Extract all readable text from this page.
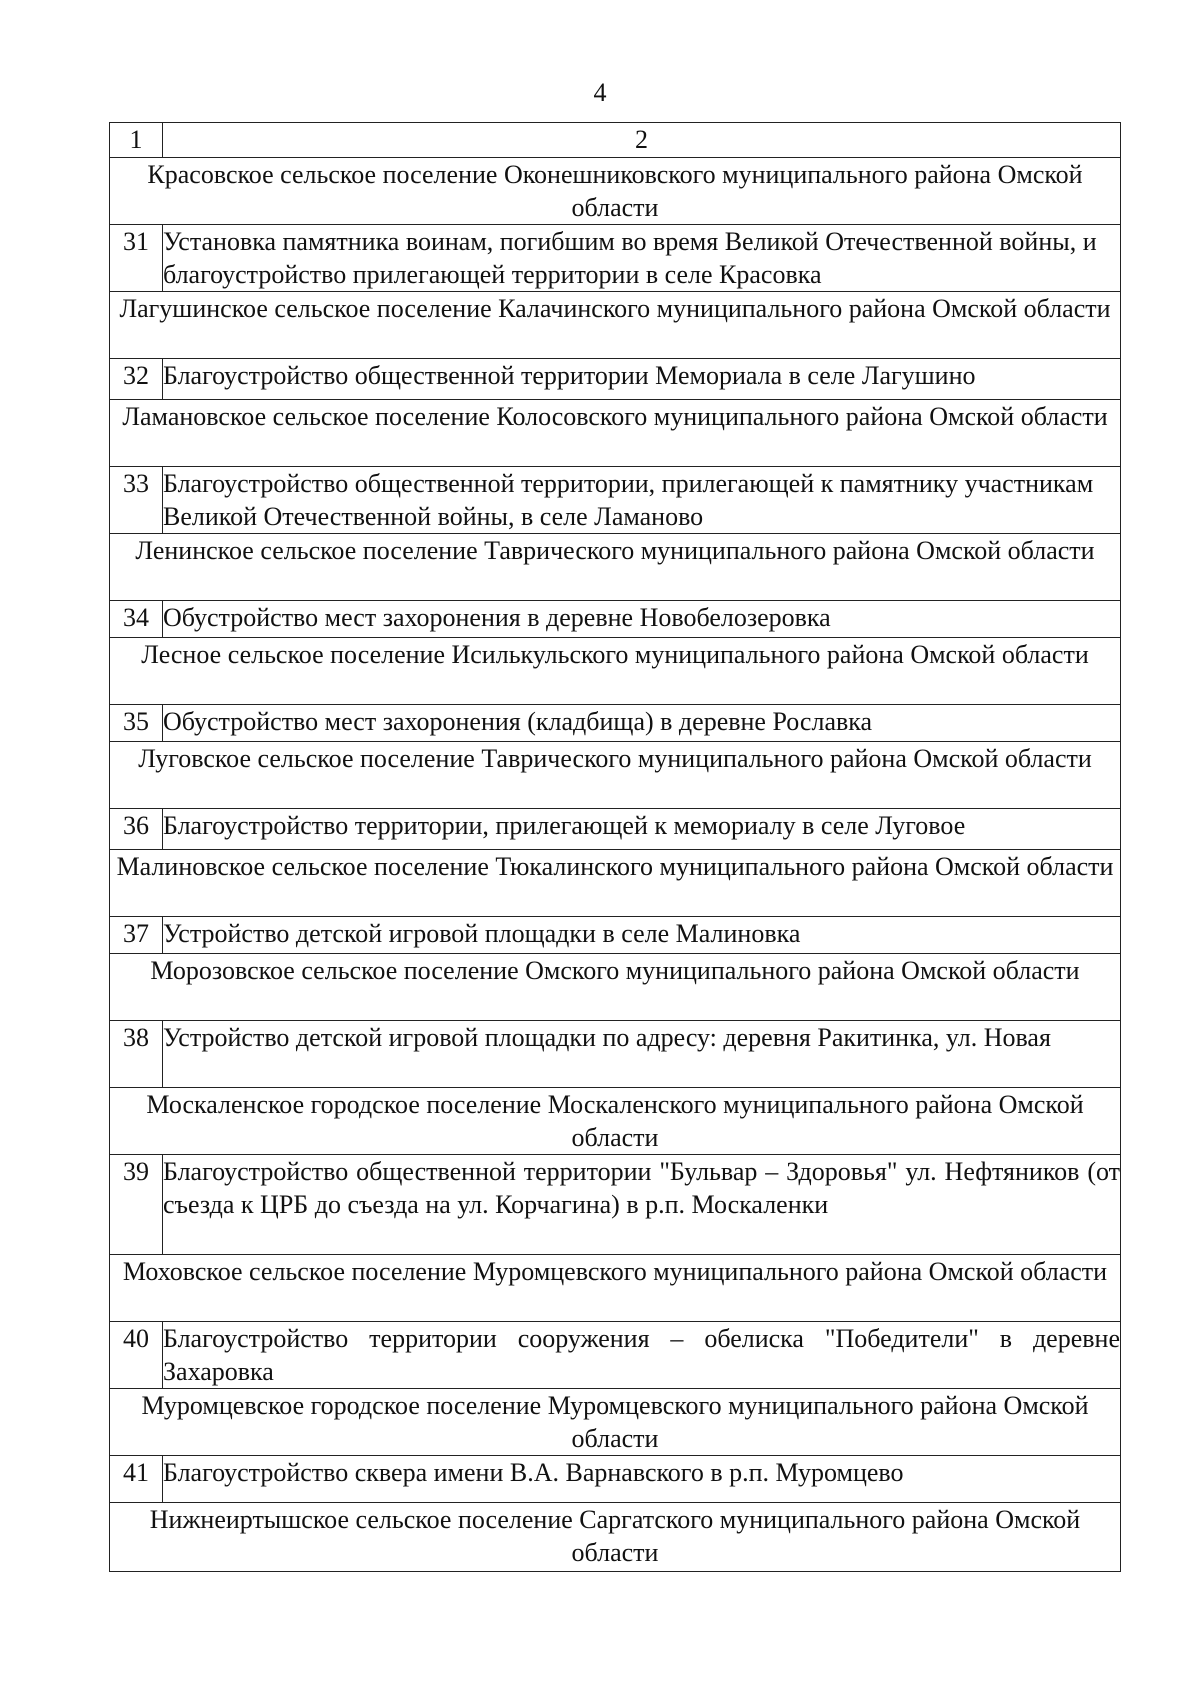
4
1	2
Красовское сельское поселение Оконешниковского муниципального района Омской области	
31	Установка памятника воинам, погибшим во время Великой Отечественной войны, и благоустройство прилегающей территории в селе Красовка
Лагушинское сельское поселение Калачинского муниципального района Омской области	
32	Благоустройство общественной территории Мемориала в селе Лагушино
Ламановское сельское поселение Колосовского муниципального района Омской области	
33	Благоустройство общественной территории, прилегающей к памятнику участникам Великой Отечественной войны, в селе Ламаново
Ленинское сельское поселение Таврического муниципального района Омской области	
34	Обустройство мест захоронения в деревне Новобелозеровка
Лесное сельское поселение Исилькульского муниципального района Омской области	
35	Обустройство мест захоронения (кладбища) в деревне Рославка
Луговское сельское поселение Таврического муниципального района Омской области	
36	Благоустройство территории, прилегающей к мемориалу в селе Луговое
Малиновское сельское поселение Тюкалинского муниципального района Омской области	
37	Устройство детской игровой площадки в селе Малиновка
Морозовское сельское поселение Омского муниципального района Омской области	
38	Устройство детской игровой площадки по адресу: деревня Ракитинка, ул. Новая
Москаленское городское поселение Москаленского муниципального района Омской области	
39	Благоустройство общественной территории "Бульвар – Здоровья" ул. Нефтяников (от съезда к ЦРБ до съезда на ул. Корчагина) в р.п. Москаленки
Моховское сельское поселение Муромцевского муниципального района Омской области	
40	Благоустройство территории сооружения – обелиска "Победители" в деревне Захаровка
Муромцевское городское поселение Муромцевского муниципального района Омской области	
41	Благоустройство сквера имени В.А. Варнавского в р.п. Муромцево
Нижнеиртышское сельское поселение Саргатского муниципального района Омской области	
